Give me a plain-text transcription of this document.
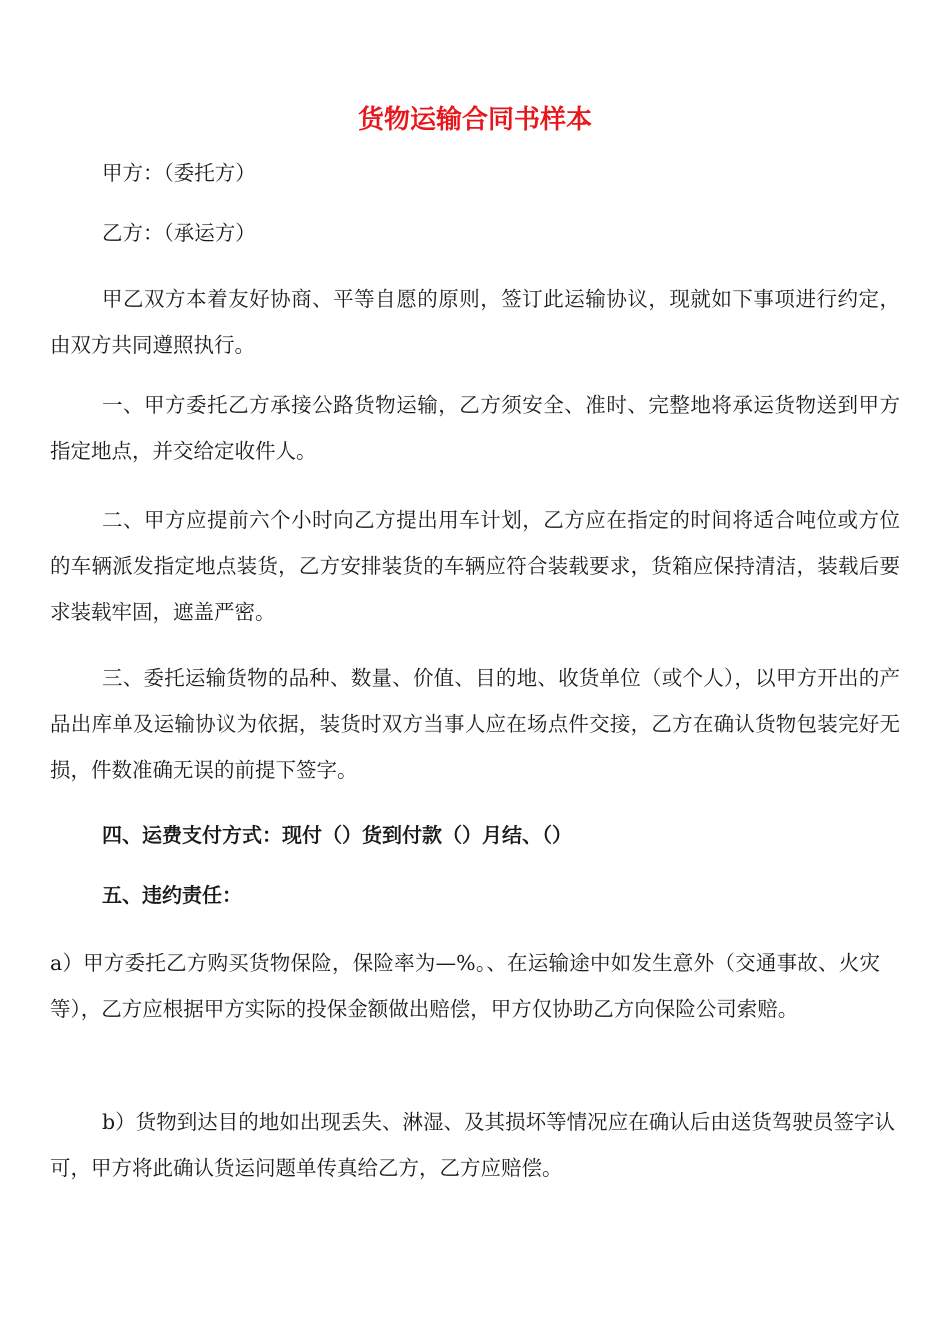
货物运输合同书样本

甲方：（委托方）

乙方：（承运方）

甲乙双方本着友好协商、平等自愿的原则，签订此运输协议，现就如下事项进行约定，由双方共同遵照执行。

一、甲方委托乙方承接公路货物运输，乙方须安全、准时、完整地将承运货物送到甲方指定地点，并交给定收件人。

二、甲方应提前六个小时向乙方提出用车计划，乙方应在指定的时间将适合吨位或方位的车辆派发指定地点装货，乙方安排装货的车辆应符合装载要求，货箱应保持清洁，装载后要求装载牢固，遮盖严密。

三、委托运输货物的品种、数量、价值、目的地、收货单位（或个人），以甲方开出的产品出库单及运输协议为依据，装货时双方当事人应在场点件交接，乙方在确认货物包装完好无损，件数准确无误的前提下签字。

四、运费支付方式：现付（）货到付款（）月结、（）

五、违约责任：

a）甲方委托乙方购买货物保险，保险率为—%。、在运输途中如发生意外（交通事故、火灾等），乙方应根据甲方实际的投保金额做出赔偿，甲方仅协助乙方向保险公司索赔。

b）货物到达目的地如出现丢失、淋湿、及其损坏等情况应在确认后由送货驾驶员签字认可，甲方将此确认货运问题单传真给乙方，乙方应赔偿。
